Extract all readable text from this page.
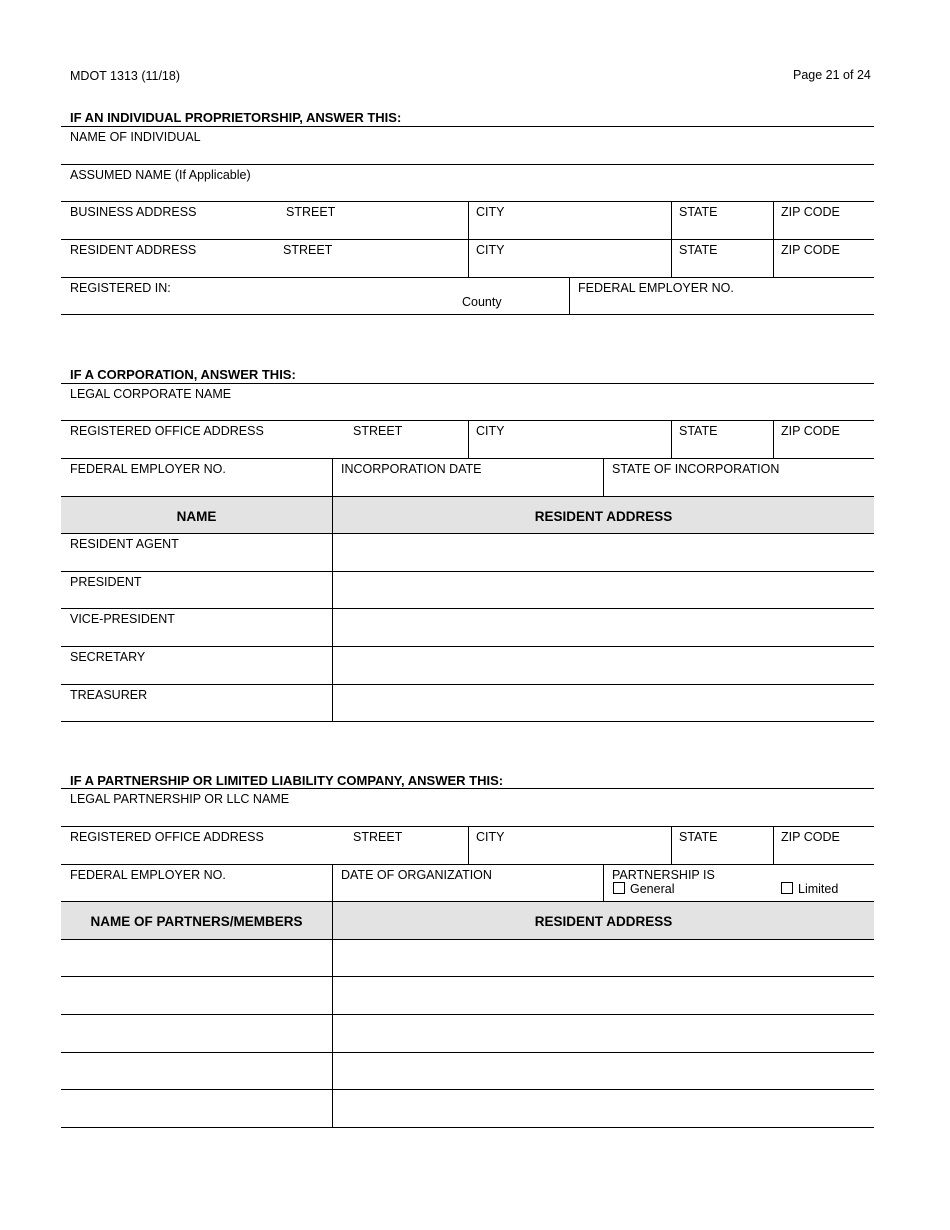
MDOT 1313 (11/18)	Page 21 of 24
IF AN INDIVIDUAL PROPRIETORSHIP, ANSWER THIS:
NAME OF INDIVIDUAL
ASSUMED NAME (If Applicable)
BUSINESS ADDRESS	STREET	CITY	STATE	ZIP CODE
RESIDENT ADDRESS	STREET	CITY	STATE	ZIP CODE
REGISTERED IN:
County
FEDERAL EMPLOYER NO.
IF A CORPORATION, ANSWER THIS:
LEGAL CORPORATE NAME
REGISTERED OFFICE ADDRESS	STREET	CITY	STATE	ZIP CODE
FEDERAL EMPLOYER NO.	INCORPORATION DATE	STATE OF INCORPORATION
NAME	RESIDENT ADDRESS
RESIDENT AGENT
PRESIDENT
VICE-PRESIDENT
SECRETARY
TREASURER
IF A PARTNERSHIP OR LIMITED LIABILITY COMPANY, ANSWER THIS:
LEGAL PARTNERSHIP OR LLC NAME
REGISTERED OFFICE ADDRESS	STREET	CITY	STATE	ZIP CODE
FEDERAL EMPLOYER NO.	DATE OF ORGANIZATION	PARTNERSHIP IS
General	Limited
NAME OF PARTNERS/MEMBERS	RESIDENT ADDRESS
